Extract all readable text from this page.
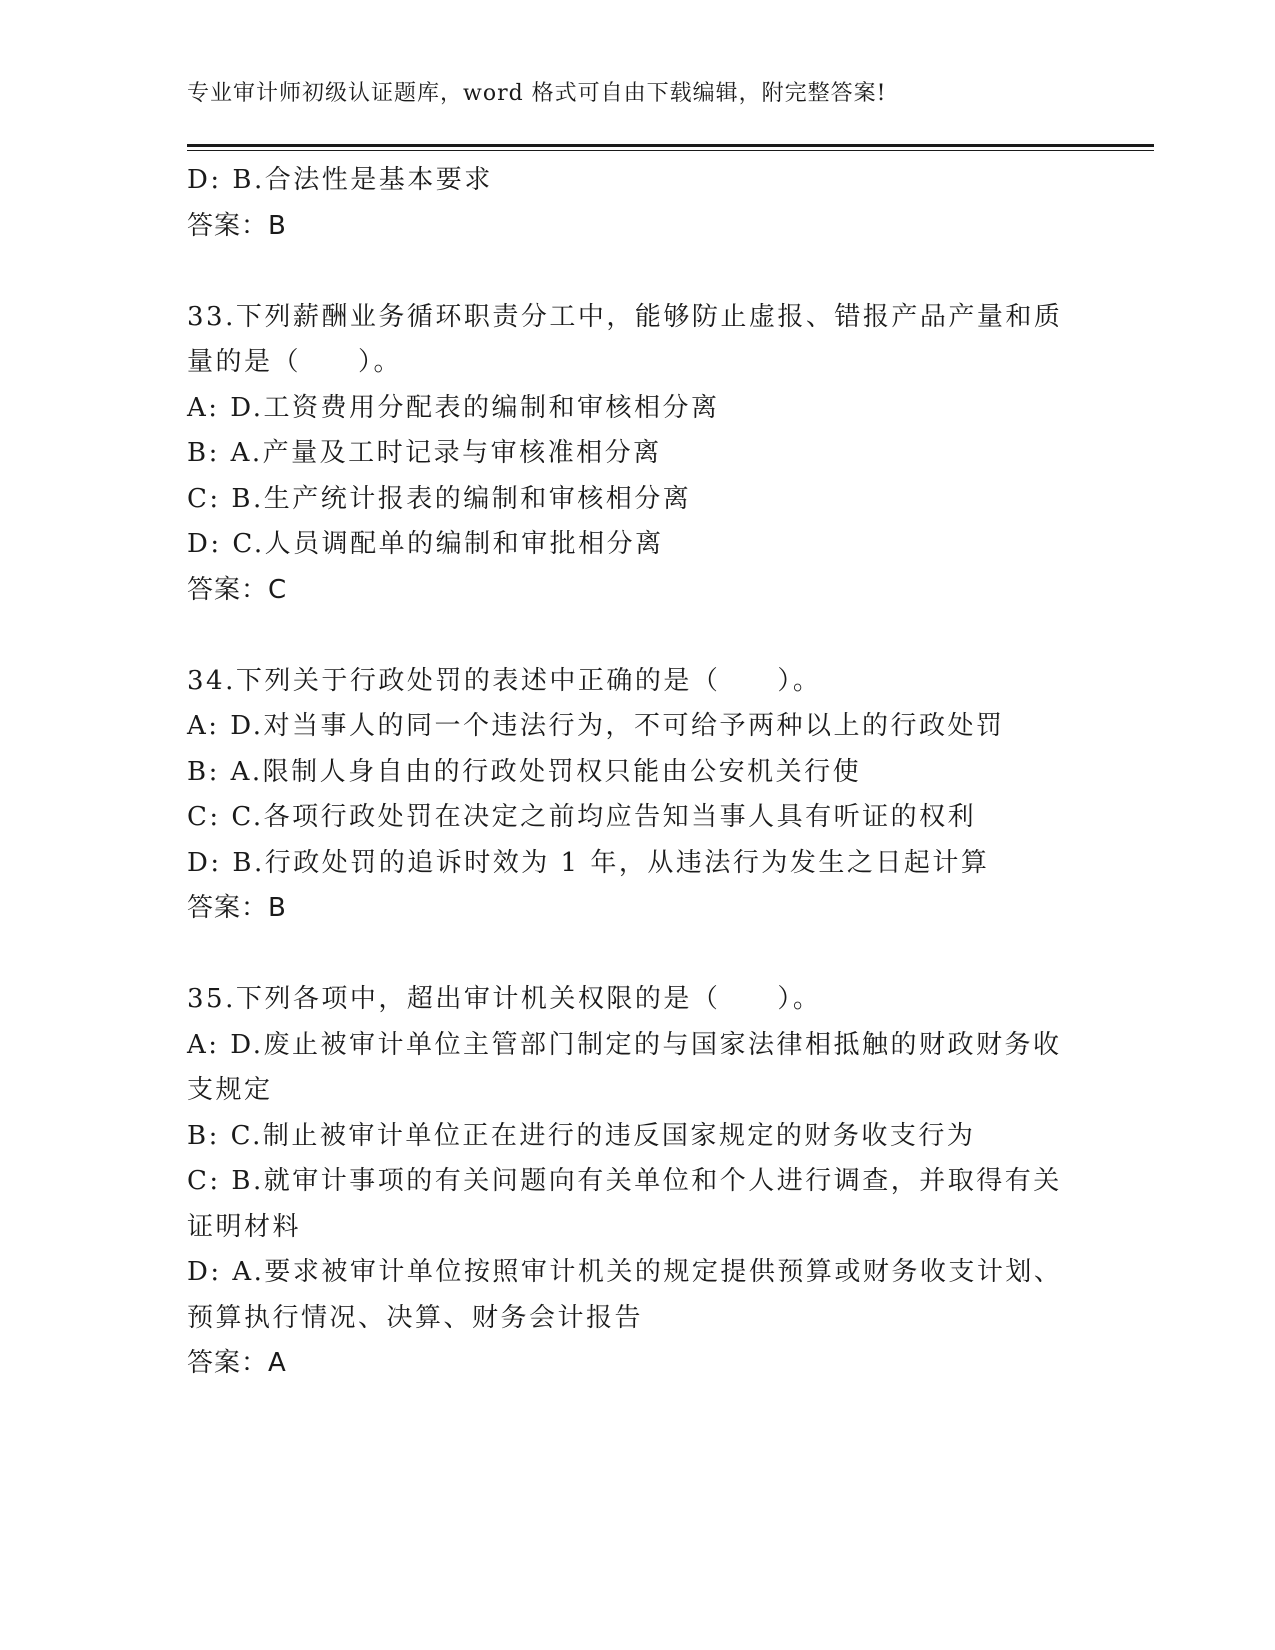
专业审计师初级认证题库，word 格式可自由下载编辑，附完整答案!
D: B.合法性是基本要求
答案：B
33.下列薪酬业务循环职责分工中，能够防止虚报、错报产品产量和质
量的是（　　）。
A: D.工资费用分配表的编制和审核相分离
B: A.产量及工时记录与审核准相分离
C: B.生产统计报表的编制和审核相分离
D: C.人员调配单的编制和审批相分离
答案：C
34.下列关于行政处罚的表述中正确的是（　　）。
A: D.对当事人的同一个违法行为，不可给予两种以上的行政处罚
B: A.限制人身自由的行政处罚权只能由公安机关行使
C: C.各项行政处罚在决定之前均应告知当事人具有听证的权利
D: B.行政处罚的追诉时效为 1 年，从违法行为发生之日起计算
答案：B
35.下列各项中，超出审计机关权限的是（　　）。
A: D.废止被审计单位主管部门制定的与国家法律相抵触的财政财务收
支规定
B: C.制止被审计单位正在进行的违反国家规定的财务收支行为
C: B.就审计事项的有关问题向有关单位和个人进行调查，并取得有关
证明材料
D: A.要求被审计单位按照审计机关的规定提供预算或财务收支计划、
预算执行情况、决算、财务会计报告
答案：A
